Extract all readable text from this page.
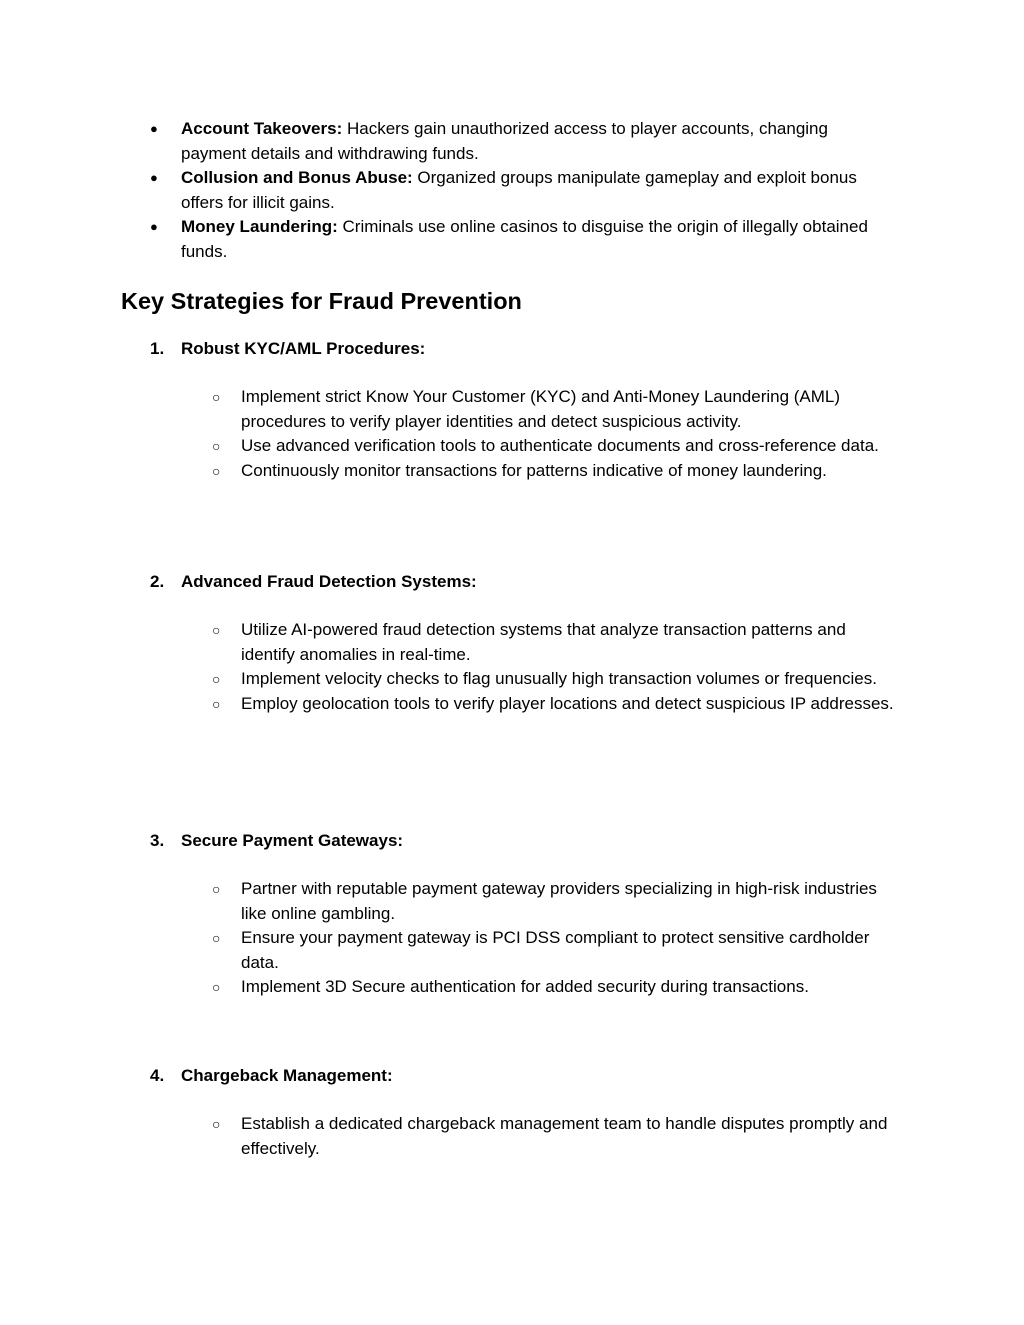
●	Account Takeovers: Hackers gain unauthorized access to player accounts, changing payment details and withdrawing funds.
●	Collusion and Bonus Abuse: Organized groups manipulate gameplay and exploit bonus offers for illicit gains.
●	Money Laundering: Criminals use online casinos to disguise the origin of illegally obtained funds.
Key Strategies for Fraud Prevention
1. Robust KYC/AML Procedures:
○ Implement strict Know Your Customer (KYC) and Anti-Money Laundering (AML) procedures to verify player identities and detect suspicious activity.
○ Use advanced verification tools to authenticate documents and cross-reference data.
○ Continuously monitor transactions for patterns indicative of money laundering.
2. Advanced Fraud Detection Systems:
○ Utilize AI-powered fraud detection systems that analyze transaction patterns and identify anomalies in real-time.
○ Implement velocity checks to flag unusually high transaction volumes or frequencies.
○ Employ geolocation tools to verify player locations and detect suspicious IP addresses.
3. Secure Payment Gateways:
○ Partner with reputable payment gateway providers specializing in high-risk industries like online gambling.
○ Ensure your payment gateway is PCI DSS compliant to protect sensitive cardholder data.
○ Implement 3D Secure authentication for added security during transactions.
4. Chargeback Management:
○ Establish a dedicated chargeback management team to handle disputes promptly and effectively.
